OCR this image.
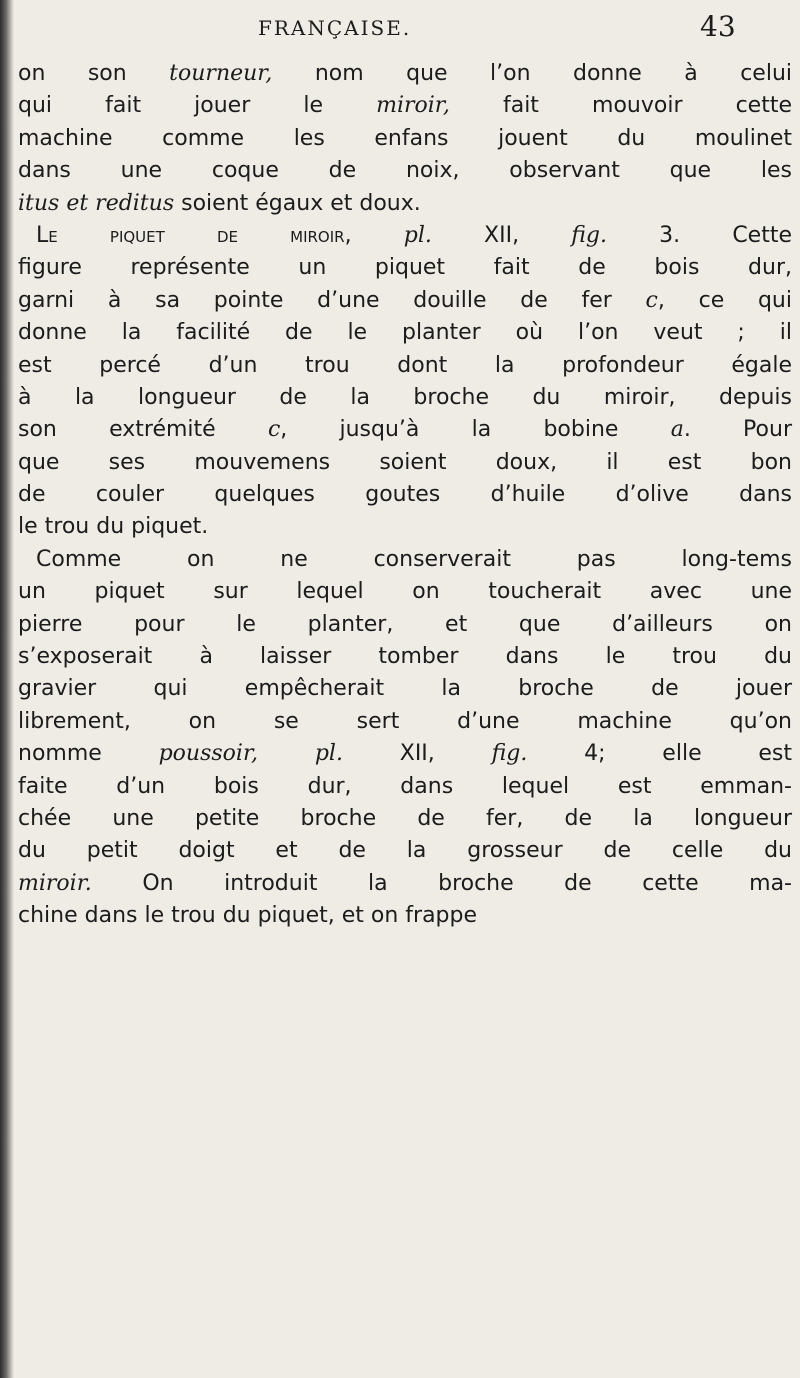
FRANÇAISE.	43
on son tourneur, nom que l’on donne à celui
qui fait jouer le miroir, fait mouvoir cette
machine comme les enfans jouent du moulinet
dans une coque de noix, observant que les
itus et reditus soient égaux et doux.
Le piquet de miroir, pl. XII, fig. 3. Cette
figure représente un piquet fait de bois dur,
garni à sa pointe d’une douille de fer c, ce qui
donne la facilité de le planter où l’on veut ; il
est percé d’un trou dont la profondeur égale
à la longueur de la broche du miroir, depuis
son extrémité c, jusqu’à la bobine a. Pour
que ses mouvemens soient doux, il est bon
de couler quelques goutes d’huile d’olive dans
le trou du piquet.
Comme on ne conserverait pas long-tems
un piquet sur lequel on toucherait avec une
pierre pour le planter, et que d’ailleurs on
s’exposerait à laisser tomber dans le trou du
gravier qui empêcherait la broche de jouer
librement, on se sert d’une machine qu’on
nomme poussoir,	pl. XII, fig. 4; elle est
faite d’un bois dur, dans lequel est emman-
chée une petite broche de fer, de la longueur
du petit doigt et de la grosseur de celle du
miroir. On introduit la broche de cette ma-
chine dans le trou du piquet, et on frappe
